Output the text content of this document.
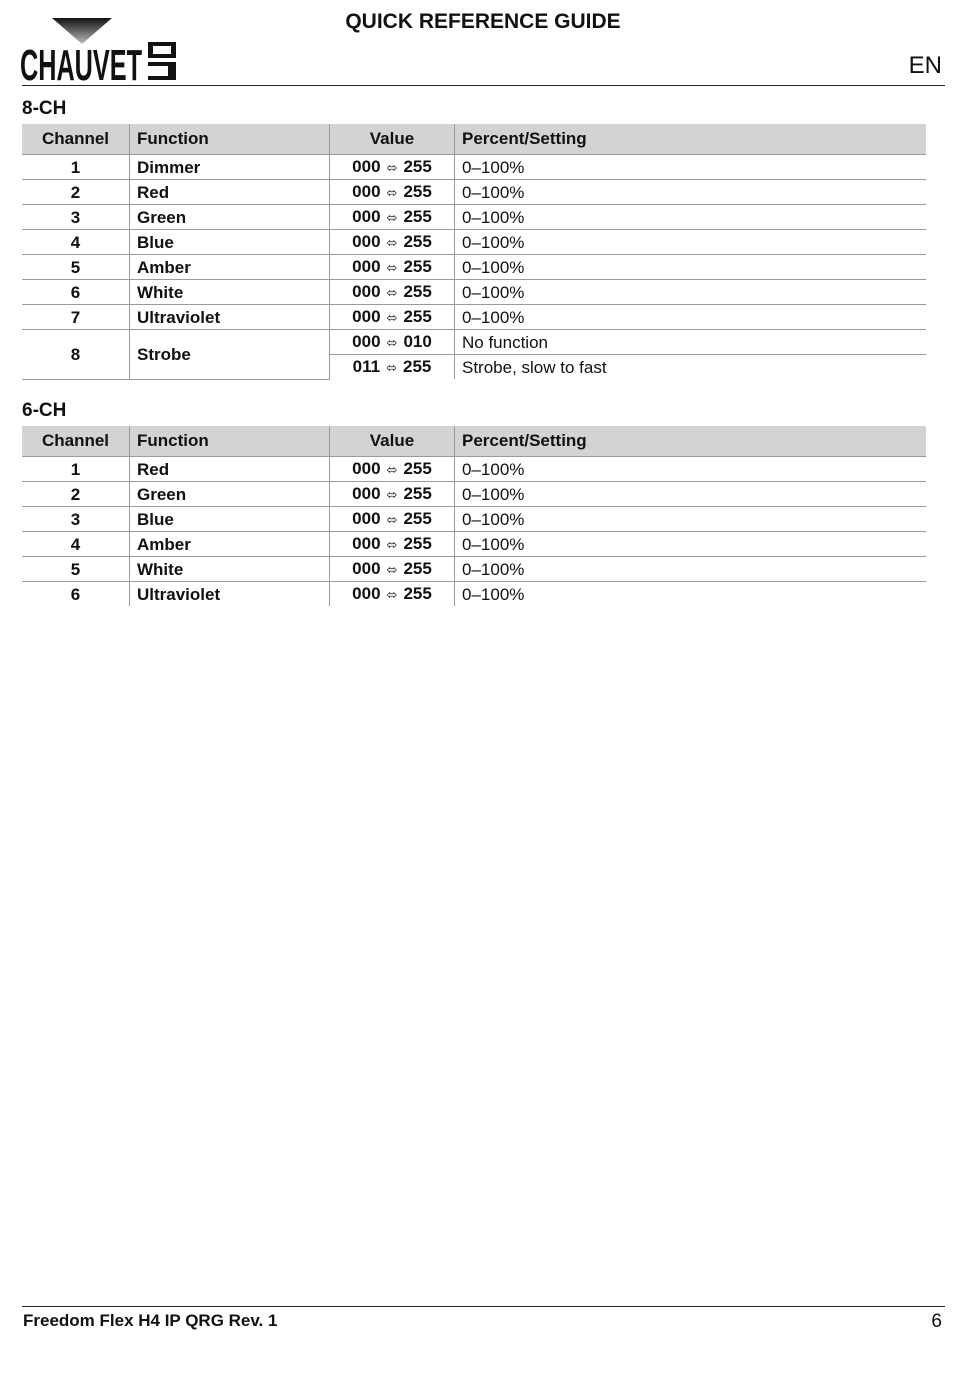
CHAUVET
QUICK REFERENCE GUIDE
EN
8-CH
Channel	Function	Value	Percent/Setting
1	Dimmer	000 ⬄ 255	0–100%
2	Red	000 ⬄ 255	0–100%
3	Green	000 ⬄ 255	0–100%
4	Blue	000 ⬄ 255	0–100%
5	Amber	000 ⬄ 255	0–100%
6	White	000 ⬄ 255	0–100%
7	Ultraviolet	000 ⬄ 255	0–100%
8	Strobe	000 ⬄ 010	No function
		011 ⬄ 255	Strobe, slow to fast
6-CH
Channel	Function	Value	Percent/Setting
1	Red	000 ⬄ 255	0–100%
2	Green	000 ⬄ 255	0–100%
3	Blue	000 ⬄ 255	0–100%
4	Amber	000 ⬄ 255	0–100%
5	White	000 ⬄ 255	0–100%
6	Ultraviolet	000 ⬄ 255	0–100%
Freedom Flex H4 IP QRG Rev. 1	6
